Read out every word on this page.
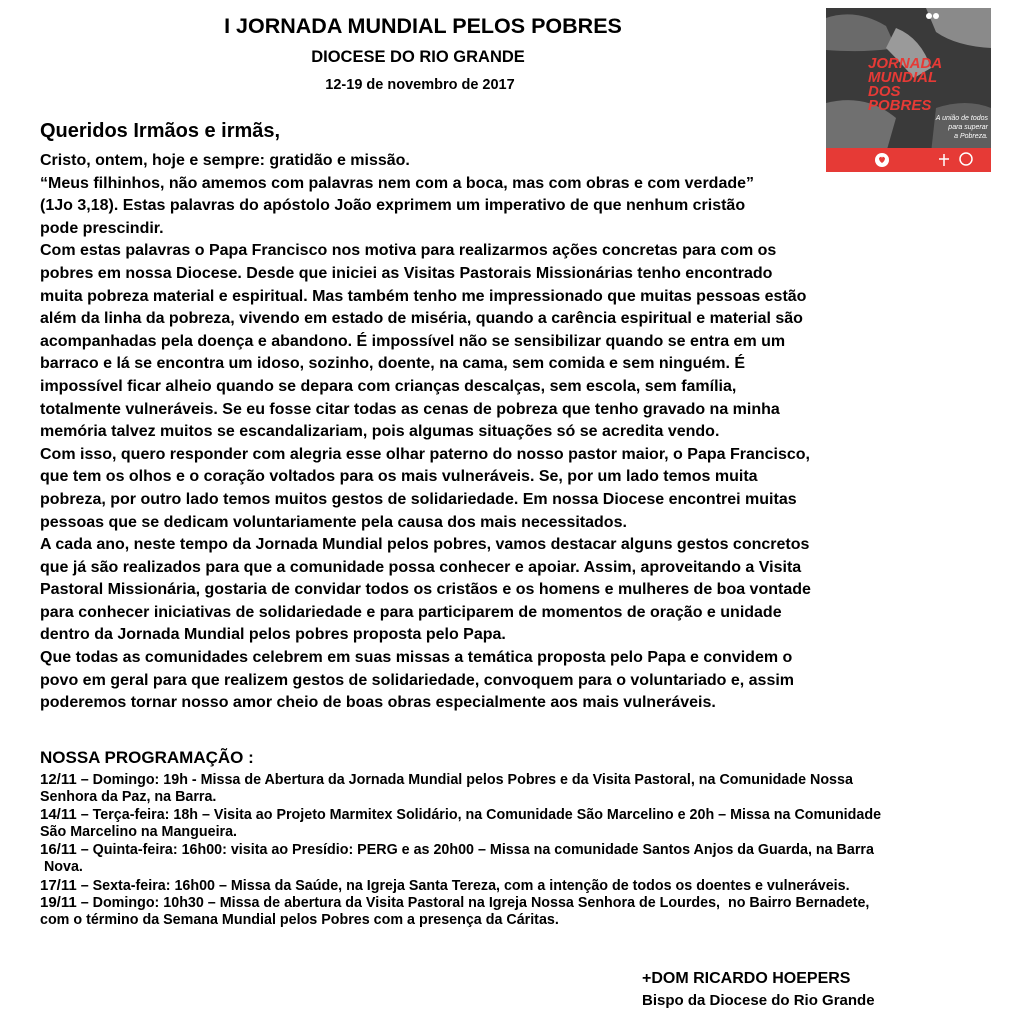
I JORNADA MUNDIAL PELOS POBRES
DIOCESE DO RIO GRANDE
12-19 de novembro de 2017
JORNADA
MUNDIAL
DOS
POBRES
A união de todos
para superar
a Pobreza.
Queridos Irmãos e irmãs,
Cristo, ontem, hoje e sempre: gratidão e missão.
“Meus filhinhos, não amemos com palavras nem com a boca, mas com obras e com verdade”
(1Jo 3,18). Estas palavras do apóstolo João exprimem um imperativo de que nenhum cristão
pode prescindir.
Com estas palavras o Papa Francisco nos motiva para realizarmos ações concretas para com os
pobres em nossa Diocese. Desde que iniciei as Visitas Pastorais Missionárias tenho encontrado
muita pobreza material e espiritual. Mas também tenho me impressionado que muitas pessoas estão
além da linha da pobreza, vivendo em estado de miséria, quando a carência espiritual e material são
acompanhadas pela doença e abandono. É impossível não se sensibilizar quando se entra em um
barraco e lá se encontra um idoso, sozinho, doente, na cama, sem comida e sem ninguém. É
impossível ficar alheio quando se depara com crianças descalças, sem escola, sem família,
totalmente vulneráveis. Se eu fosse citar todas as cenas de pobreza que tenho gravado na minha
memória talvez muitos se escandalizariam, pois algumas situações só se acredita vendo.
Com isso, quero responder com alegria esse olhar paterno do nosso pastor maior, o Papa Francisco,
que tem os olhos e o coração voltados para os mais vulneráveis. Se, por um lado temos muita
pobreza, por outro lado temos muitos gestos de solidariedade. Em nossa Diocese encontrei muitas
pessoas que se dedicam voluntariamente pela causa dos mais necessitados.
A cada ano, neste tempo da Jornada Mundial pelos pobres, vamos destacar alguns gestos concretos
que já são realizados para que a comunidade possa conhecer e apoiar. Assim, aproveitando a Visita
Pastoral Missionária, gostaria de convidar todos os cristãos e os homens e mulheres de boa vontade
para conhecer iniciativas de solidariedade e para participarem de momentos de oração e unidade
dentro da Jornada Mundial pelos pobres proposta pelo Papa.
Que todas as comunidades celebrem em suas missas a temática proposta pelo Papa e convidem o
povo em geral para que realizem gestos de solidariedade, convoquem para o voluntariado e, assim
poderemos tornar nosso amor cheio de boas obras especialmente aos mais vulneráveis.
NOSSA PROGRAMAÇÃO :
12/11 – Domingo: 19h - Missa de Abertura da Jornada Mundial pelos Pobres e da Visita Pastoral, na Comunidade Nossa
Senhora da Paz, na Barra.
14/11 – Terça-feira: 18h – Visita ao Projeto Marmitex Solidário, na Comunidade São Marcelino e 20h – Missa na Comunidade
São Marcelino na Mangueira.
16/11 – Quinta-feira: 16h00: visita ao Presídio: PERG e as 20h00 – Missa na comunidade Santos Anjos da Guarda, na Barra
Nova.
17/11 – Sexta-feira: 16h00 – Missa da Saúde, na Igreja Santa Tereza, com a intenção de todos os doentes e vulneráveis.
19/11 – Domingo: 10h30 – Missa de abertura da Visita Pastoral na Igreja Nossa Senhora de Lourdes,  no Bairro Bernadete,
com o término da Semana Mundial pelos Pobres com a presença da Cáritas.
+DOM RICARDO HOEPERS
Bispo da Diocese do Rio Grande
